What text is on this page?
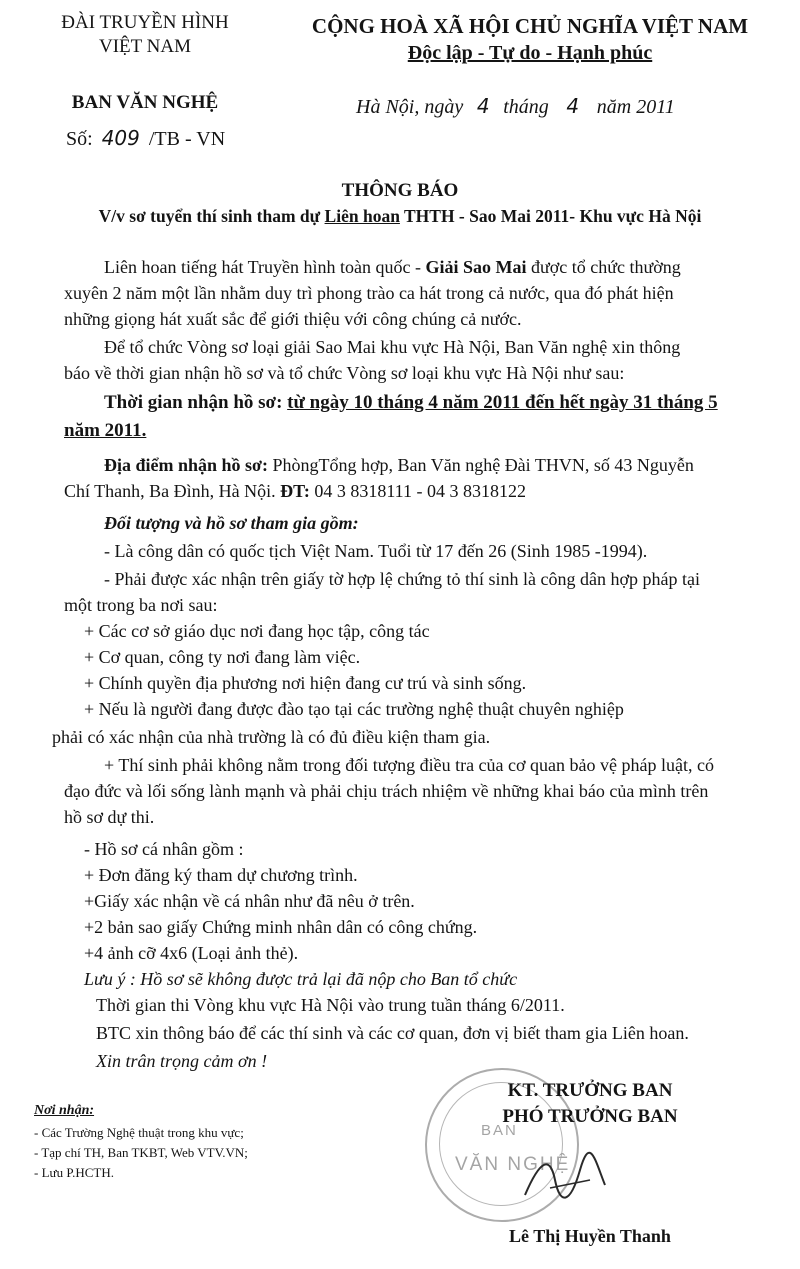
ĐÀI TRUYỀN HÌNH
VIỆT NAM
BAN VĂN NGHỆ
Số: 409 /TB - VN
CỘNG HOÀ XÃ HỘI CHỦ NGHĨA VIỆT NAM
Độc lập - Tự do - Hạnh phúc
Hà Nội, ngày 4 tháng 4 năm 2011
THÔNG BÁO
V/v sơ tuyển thí sinh tham dự Liên hoan THTH - Sao Mai 2011- Khu vực Hà Nội
Liên hoan tiếng hát Truyền hình toàn quốc - Giải Sao Mai được tổ chức thường
xuyên 2 năm một lần nhằm duy trì phong trào ca hát trong cả nước, qua đó phát hiện
những giọng hát xuất sắc để giới thiệu với công chúng cả nước.
Để tổ chức Vòng sơ loại giải Sao Mai khu vực Hà Nội, Ban Văn nghệ xin thông
báo về thời gian nhận hồ sơ và tổ chức Vòng sơ loại khu vực Hà Nội như sau:
Thời gian nhận hồ sơ: từ ngày 10 tháng 4 năm 2011 đến hết ngày 31 tháng 5
năm 2011.
Địa điểm nhận hồ sơ: PhòngTổng hợp, Ban Văn nghệ Đài THVN, số 43 Nguyễn
Chí Thanh, Ba Đình, Hà Nội. ĐT: 04 3 8318111 - 04 3 8318122
Đối tượng và hồ sơ tham gia gồm:
- Là công dân có quốc tịch Việt Nam. Tuổi từ 17 đến 26 (Sinh 1985 -1994).
- Phải được xác nhận trên giấy tờ hợp lệ chứng tỏ thí sinh là công dân hợp pháp tại
một trong ba nơi sau:
+ Các cơ sở giáo dục nơi đang học tập, công tác
+ Cơ quan, công ty nơi đang làm việc.
+ Chính quyền địa phương nơi hiện đang cư trú và sinh sống.
+ Nếu là người đang được đào tạo tại các trường nghệ thuật chuyên nghiệp
phải có xác nhận của nhà trường là có đủ điều kiện tham gia.
+ Thí sinh phải không nằm trong đối tượng điều tra của cơ quan bảo vệ pháp luật, có
đạo đức và lối sống lành mạnh và phải chịu trách nhiệm về những khai báo của mình trên
hồ sơ dự thi.
- Hồ sơ cá nhân gồm :
+ Đơn đăng ký tham dự chương trình.
+Giấy xác nhận về cá nhân như đã nêu ở trên.
+2 bản sao giấy Chứng minh nhân dân có công chứng.
+4 ảnh cỡ 4x6 (Loại ảnh thẻ).
Lưu ý : Hồ sơ sẽ không được trả lại đã nộp cho Ban tổ chức
Thời gian thi Vòng khu vực Hà Nội vào trung tuần tháng 6/2011.
BTC xin thông báo để các thí sinh và các cơ quan, đơn vị biết tham gia Liên hoan.
Xin trân trọng cảm ơn !
Nơi nhận:
- Các Trường Nghệ thuật trong khu vực;
- Tạp chí TH, Ban TKBT, Web VTV.VN;
- Lưu P.HCTH.
BAN
VĂN NGHỆ
KT. TRƯỞNG BAN
PHÓ TRƯỞNG BAN
Lê Thị Huyền Thanh
